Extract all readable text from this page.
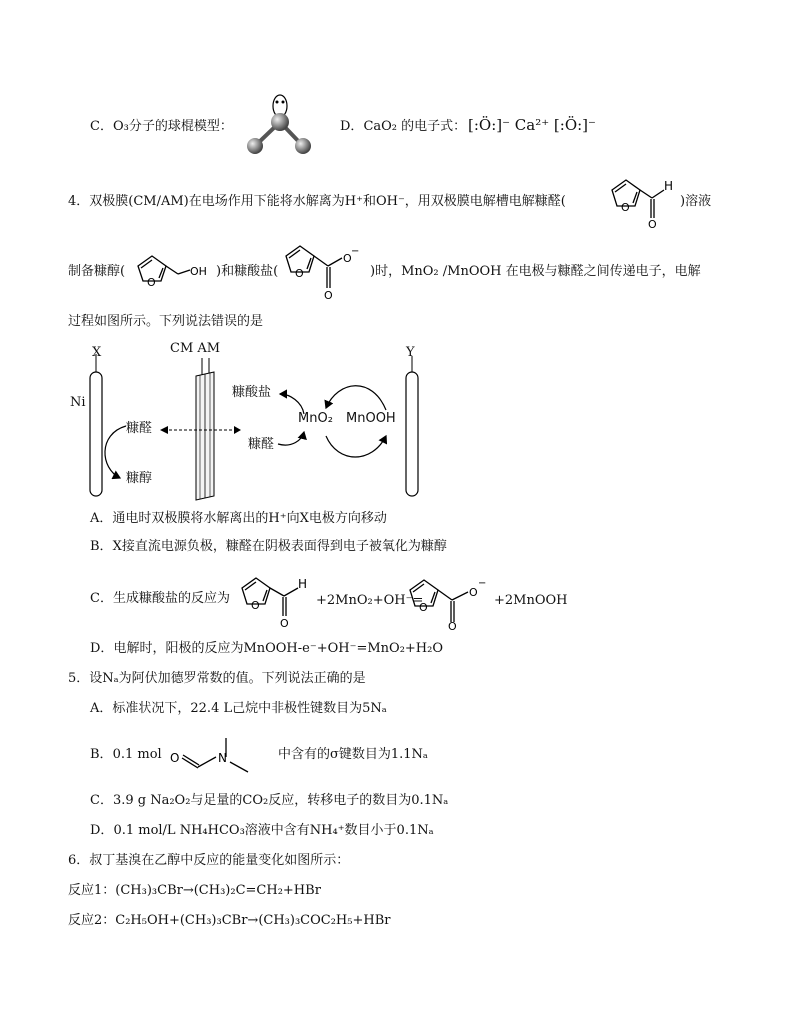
C．O₃分子的球棍模型：	D．CaO₂ 的电子式： [:Ö:]⁻ Ca²⁺ [:Ö:]⁻
4．双极膜(CM/AM)在电场作用下能将水解离为H⁺和OH⁻，用双极膜电解槽电解糠醛(	O
O
H
)溶液
制备糠醇(
O
OH )和糠酸盐( O
O
O
−
)时，MnO₂ /MnOOH 在电极与糠醛之间传递电子，电解
过程如图所示。下列说法错误的是
X	CM AM	Y
Ni
糠醛
糠醇
糠酸盐
糠醛
MnO₂ MnOOH
A．通电时双极膜将水解离出的H⁺向X电极方向移动
B．X接直流电源负极，糠醛在阴极表面得到电子被氧化为糠醇
C．生成糠酸盐的反应为 O
O
H
+2MnO₂+OH⁻=
O
O
O
−
+2MnOOH
D．电解时，阳极的反应为MnOOH-e⁻+OH⁻=MnO₂+H₂O
5．设Nₐ为阿伏加德罗常数的值。下列说法正确的是
A．标准状况下，22.4 L己烷中非极性键数目为5Nₐ
B．0.1 mol O	N	中含有的σ键数目为1.1Nₐ
C．3.9 g Na₂O₂与足量的CO₂反应，转移电子的数目为0.1Nₐ
D．0.1 mol/L NH₄HCO₃溶液中含有NH₄⁺数目小于0.1Nₐ
6．叔丁基溴在乙醇中反应的能量变化如图所示：
反应1：(CH₃)₃CBr→(CH₃)₂C=CH₂+HBr
反应2：C₂H₅OH+(CH₃)₃CBr→(CH₃)₃COC₂H₅+HBr
